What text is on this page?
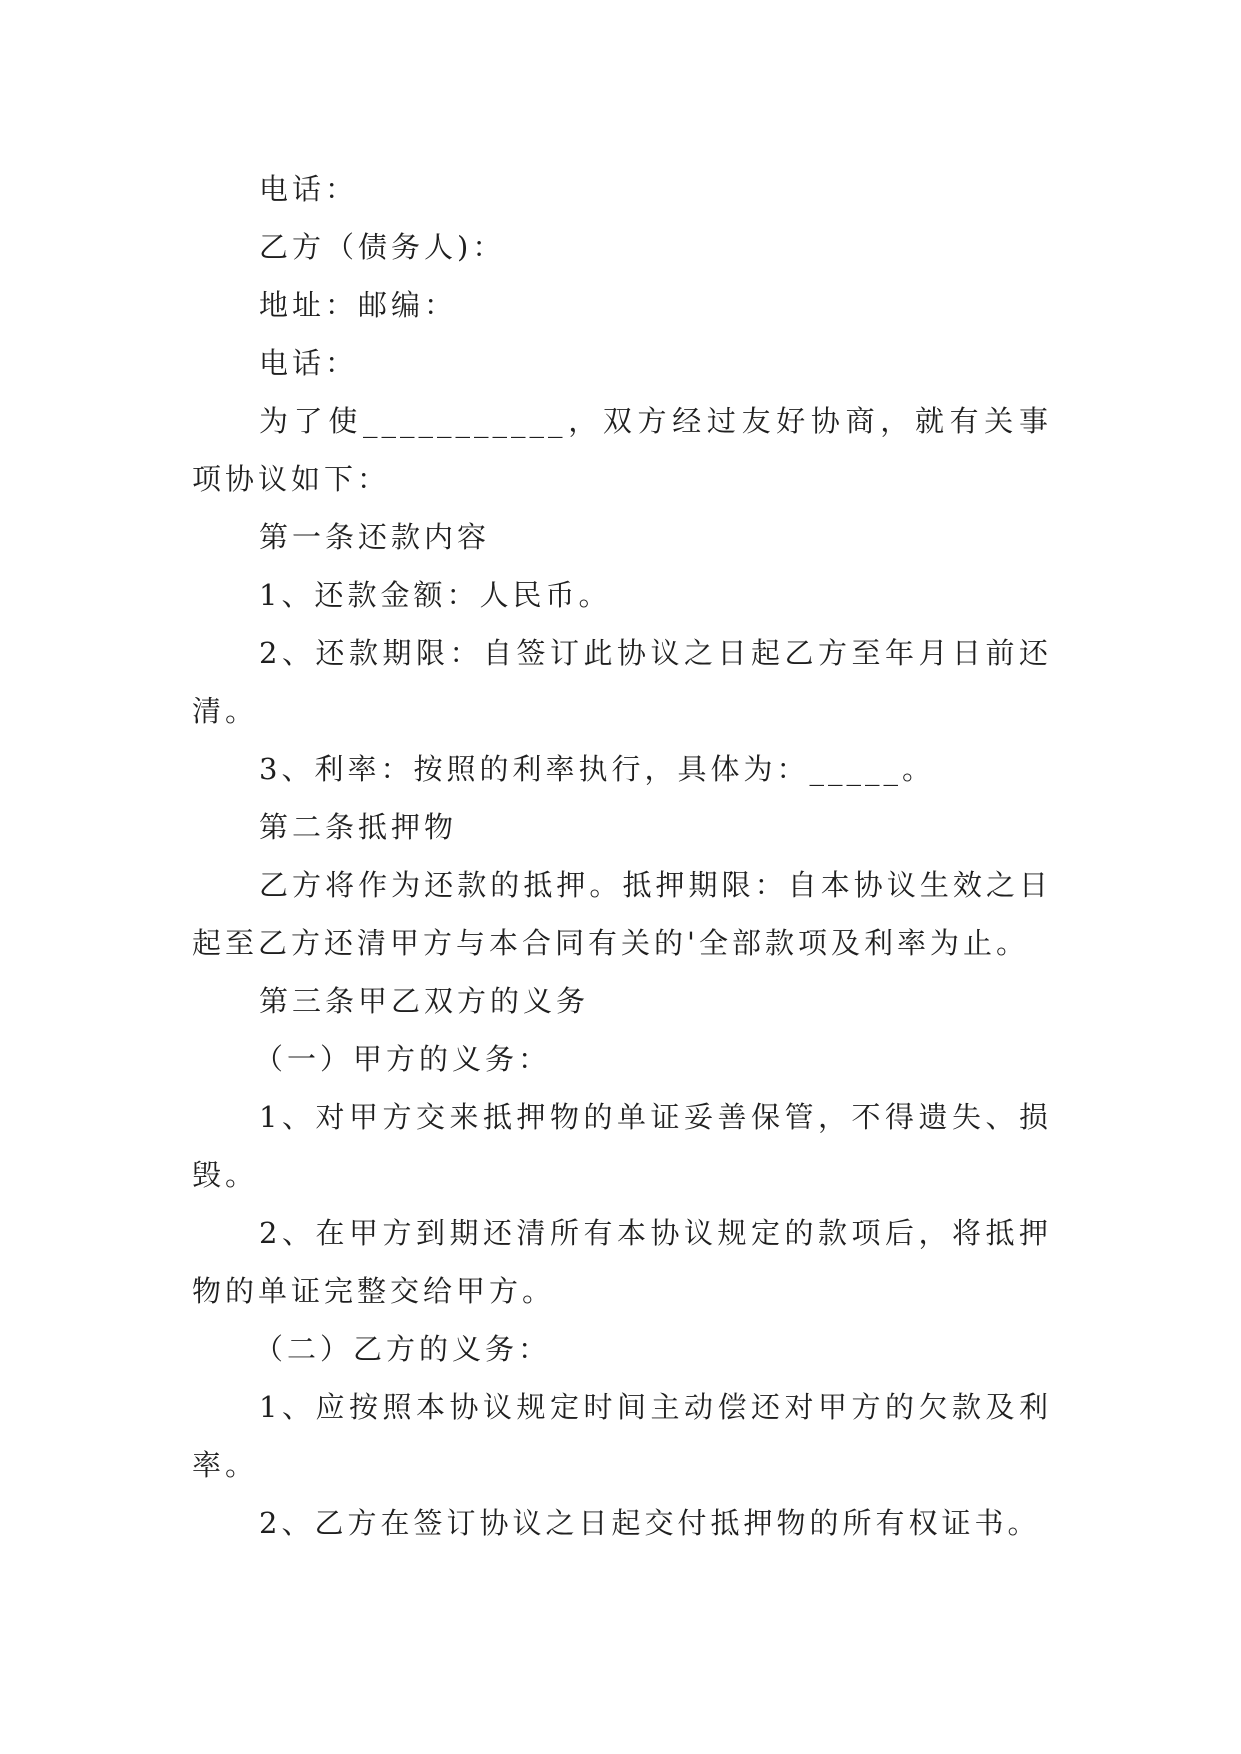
电话：

乙方（债务人)：

地址：邮编：

电话：

为了使___________，双方经过友好协商，就有关事项协议如下：

第一条还款内容

1、还款金额：人民币。

2、还款期限：自签订此协议之日起乙方至年月日前还清。

3、利率：按照的利率执行，具体为：_____。

第二条抵押物

乙方将作为还款的抵押。抵押期限：自本协议生效之日起至乙方还清甲方与本合同有关的'全部款项及利率为止。

第三条甲乙双方的义务

（一）甲方的义务：

1、对甲方交来抵押物的单证妥善保管，不得遗失、损毁。

2、在甲方到期还清所有本协议规定的款项后，将抵押物的单证完整交给甲方。

（二）乙方的义务：

1、应按照本协议规定时间主动偿还对甲方的欠款及利率。

2、乙方在签订协议之日起交付抵押物的所有权证书。
